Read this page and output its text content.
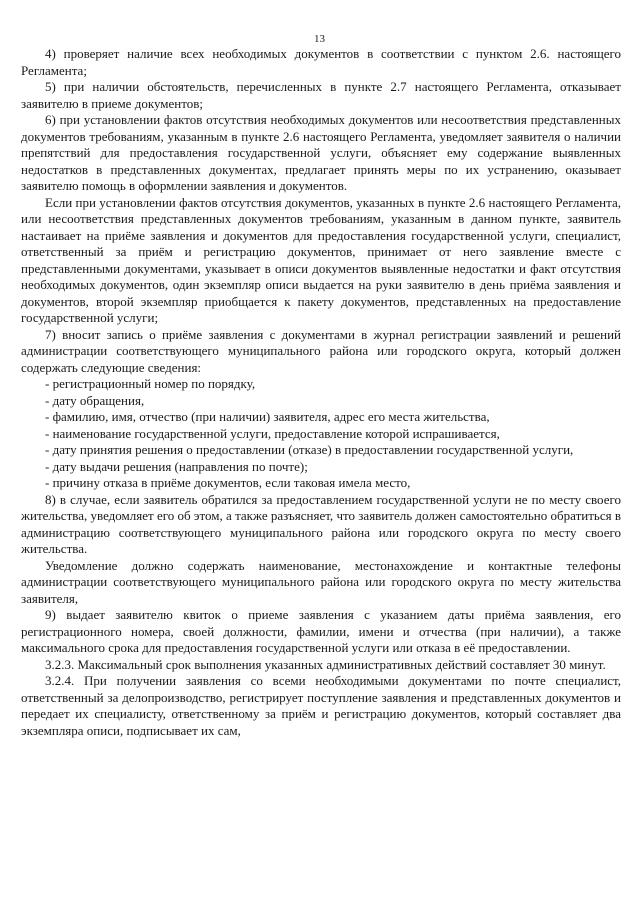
13

4) проверяет наличие всех необходимых документов в соответствии с пунктом 2.6. настоящего Регламента;

5) при наличии обстоятельств, перечисленных в пункте 2.7 настоящего Регламента, отказывает заявителю в приеме документов;

6) при установлении фактов отсутствия необходимых документов или несоответствия представленных документов требованиям, указанным в пункте 2.6 настоящего Регламента, уведомляет заявителя о наличии препятствий для предоставления государственной услуги, объясняет ему содержание выявленных недостатков в представленных документах, предлагает принять меры по их устранению, оказывает заявителю помощь в оформлении заявления и документов.

Если при установлении фактов отсутствия документов, указанных в пункте 2.6 настоящего Регламента, или несоответствия представленных документов требованиям, указанным в данном пункте, заявитель настаивает на приёме заявления и документов для предоставления государственной услуги, специалист, ответственный за приём и регистрацию документов, принимает от него заявление вместе с представленными документами, указывает в описи документов выявленные недостатки и факт отсутствия необходимых документов, один экземпляр описи выдается на руки заявителю в день приёма заявления и документов, второй экземпляр приобщается к пакету документов, представленных на предоставление государственной услуги;

7) вносит запись о приёме заявления с документами в журнал регистрации заявлений и решений администрации соответствующего муниципального района или городского округа, который должен содержать следующие сведения:

- регистрационный номер по порядку,

- дату обращения,

- фамилию, имя, отчество (при наличии) заявителя, адрес его места жительства,

- наименование государственной услуги, предоставление которой испрашивается,

- дату принятия решения о предоставлении (отказе) в предоставлении государственной услуги,

- дату выдачи решения (направления по почте);

- причину отказа в приёме документов, если таковая имела место,

8) в случае, если заявитель обратился за предоставлением государственной услуги не по месту своего жительства, уведомляет его об этом, а также разъясняет, что заявитель должен самостоятельно обратиться в администрацию соответствующего муниципального района или городского округа по месту своего жительства.

Уведомление должно содержать наименование, местонахождение и контактные телефоны администрации соответствующего муниципального района или городского округа по месту жительства заявителя,

9) выдает заявителю квиток о приеме заявления с указанием даты приёма заявления, его регистрационного номера, своей должности, фамилии, имени и отчества (при наличии), а также максимального срока для предоставления государственной услуги или отказа в её предоставлении.

3.2.3. Максимальный срок выполнения указанных административных действий составляет 30 минут.

3.2.4. При получении заявления со всеми необходимыми документами по почте специалист, ответственный за делопроизводство, регистрирует поступление заявления и представленных документов и передает их специалисту, ответственному за приём и регистрацию документов, который составляет два экземпляра описи, подписывает их сам,
